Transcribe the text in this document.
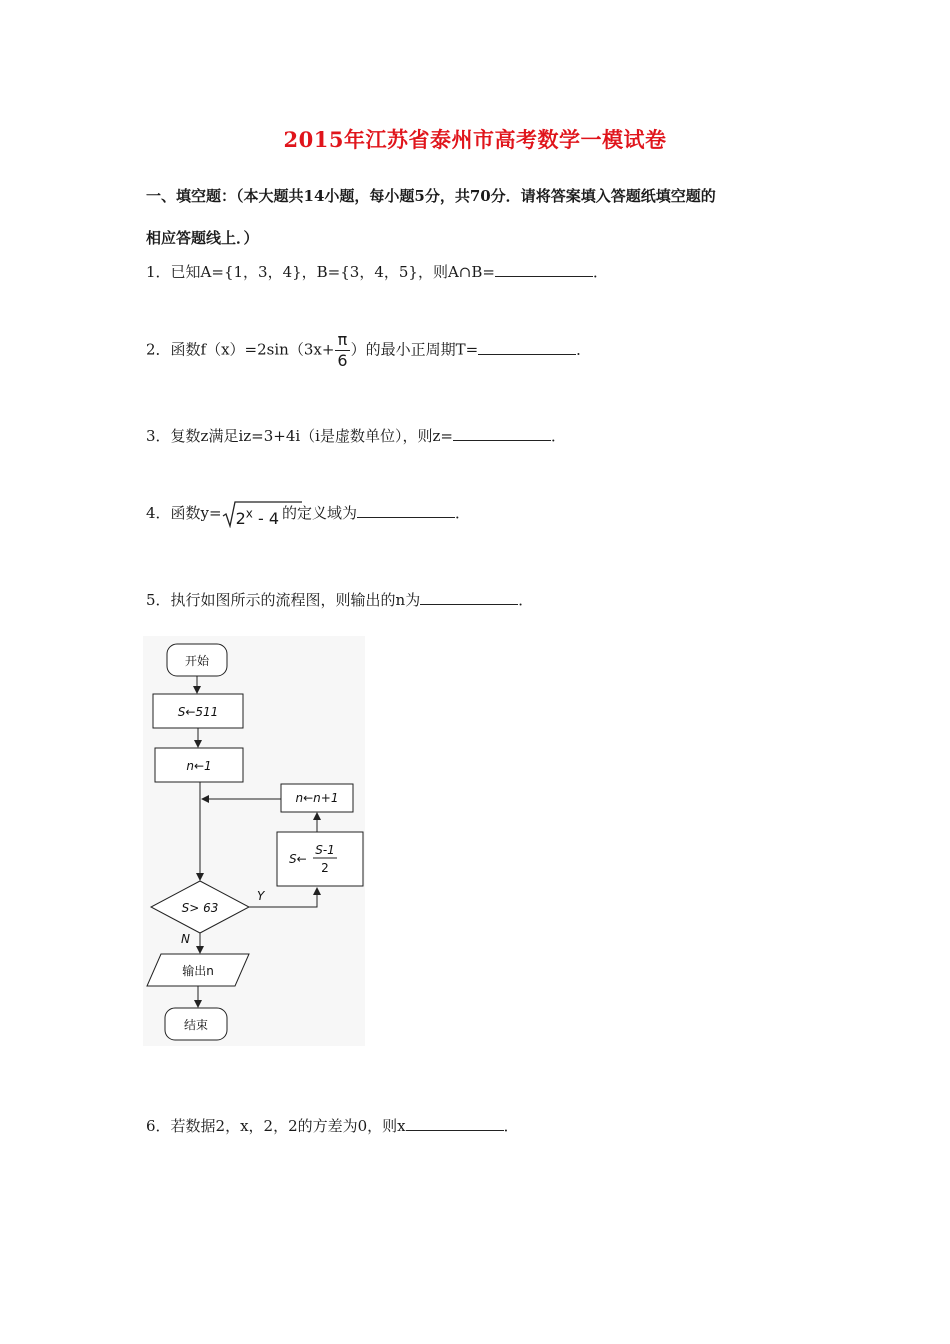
2015年江苏省泰州市高考数学一模试卷
一、填空题：（本大题共14小题，每小题5分，共70分．请将答案填入答题纸填空题的
相应答题线上．）
1．已知A={1，3，4}，B={3，4，5}，则A∩B=	．
2．函数$f(x)=2\sin(3x+ \frac{\pi}{6}$ ）的最小正周期T=	．
3．复数z满足iz=3+4i（i是虚数单位），则z=	．
4．函数$y= 2^x - 4$ 的定义域为	．
5．执行如图所示的流程图，则输出的n为	．
开始
S←511
n←1
n←n+1
S←
S-1
2
S> 63
Y
N
输出n
结束
6．若数据2，x，2，2的方差为0，则x	．
